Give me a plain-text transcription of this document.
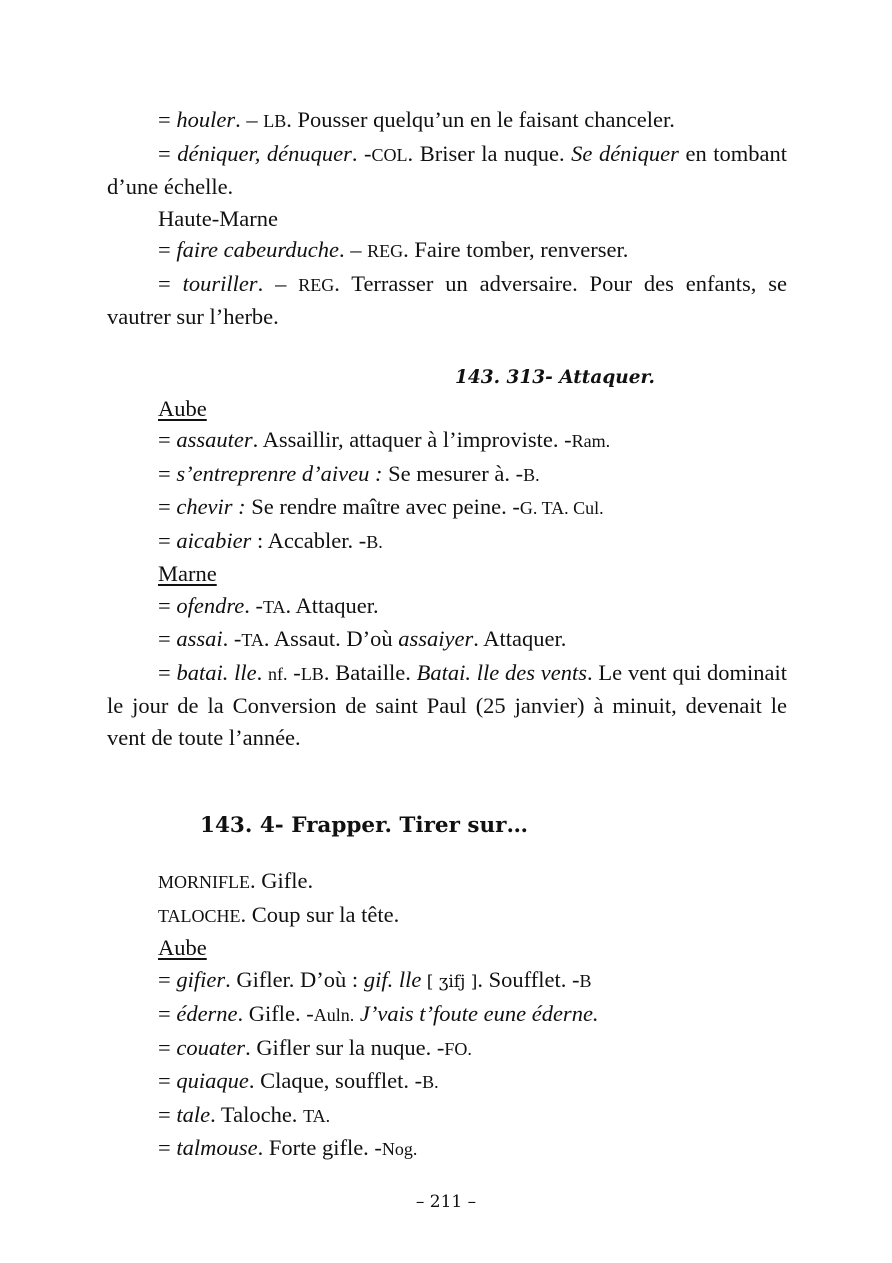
= houler. – LB. Pousser quelqu’un en le faisant chanceler.

= déniquer, dénuquer. -COL. Briser la nuque. Se déniquer en tombant d’une échelle.

Haute-Marne

= faire cabeurduche. – REG. Faire tomber, renverser.

= touriller. – REG. Terrasser un adversaire. Pour des enfants, se vautrer sur l’herbe.

143. 313- Attaquer.

Aube

= assauter. Assaillir, attaquer à l’improviste. -Ram.

= s’entreprenre d’aiveu : Se mesurer à. -B.

= chevir : Se rendre maître avec peine. -G. TA. Cul.

= aicabier : Accabler. -B.

Marne

= ofendre. -TA. Attaquer.

= assai. -TA. Assaut. D’où assaiyer. Attaquer.

= batai. lle. nf. -LB. Bataille. Batai. lle des vents. Le vent qui dominait le jour de la Conversion de saint Paul (25 janvier) à minuit, devenait le vent de toute l’année.

143. 4- Frapper. Tirer sur…

MORNIFLE. Gifle.

TALOCHE. Coup sur la tête.

Aube

= gifier. Gifler. D’où : gif. lle [ ʒifj ]. Soufflet. -B

= éderne. Gifle. -Auln. J’vais t’foute eune éderne.

= couater. Gifler sur la nuque. -FO.

= quiaque. Claque, soufflet. -B.

= tale. Taloche. TA.

= talmouse. Forte gifle. -Nog.

– 211 –
